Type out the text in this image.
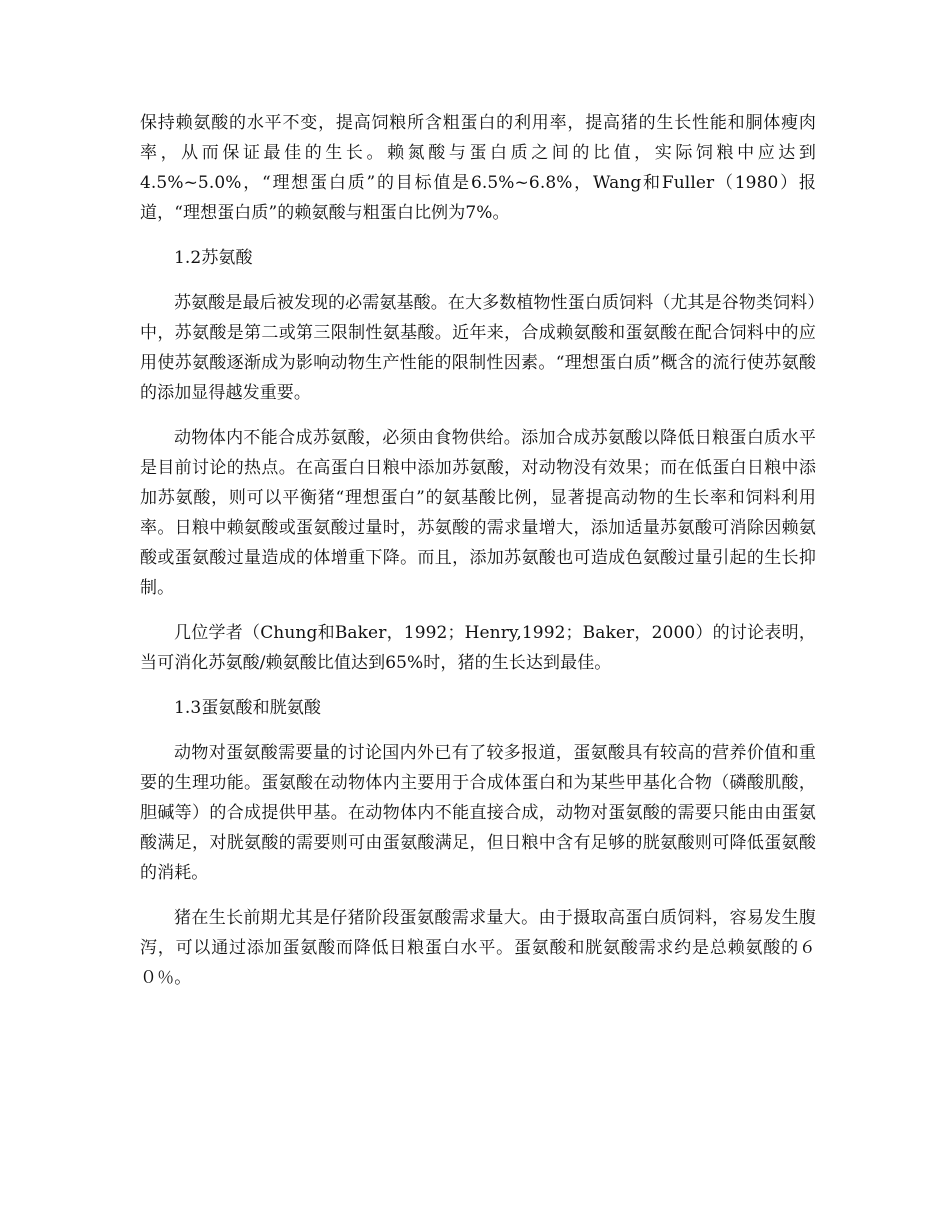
保持赖氨酸的水平不变，提高饲粮所含粗蛋白的利用率，提高猪的生长性能和胴体瘦肉率，从而保证最佳的生长。赖氮酸与蛋白质之间的比值，实际饲粮中应达到4.5%~5.0%，“理想蛋白质”的目标值是6.5%~6.8%，Wang和Fuller（1980）报道，“理想蛋白质”的赖氨酸与粗蛋白比例为7%。

1.2苏氨酸

苏氨酸是最后被发现的必需氨基酸。在大多数植物性蛋白质饲料（尤其是谷物类饲料）中，苏氨酸是第二或第三限制性氨基酸。近年来，合成赖氨酸和蛋氨酸在配合饲料中的应用使苏氨酸逐渐成为影响动物生产性能的限制性因素。“理想蛋白质”概含的流行使苏氨酸的添加显得越发重要。

动物体内不能合成苏氨酸，必须由食物供给。添加合成苏氨酸以降低日粮蛋白质水平是目前讨论的热点。在高蛋白日粮中添加苏氨酸，对动物没有效果；而在低蛋白日粮中添加苏氨酸，则可以平衡猪“理想蛋白”的氨基酸比例，显著提高动物的生长率和饲料利用率。日粮中赖氨酸或蛋氨酸过量时，苏氨酸的需求量增大，添加适量苏氨酸可消除因赖氨酸或蛋氨酸过量造成的体增重下降。而且，添加苏氨酸也可造成色氨酸过量引起的生长抑制。

几位学者（Chung和Baker，1992；Henry,1992；Baker，2000）的讨论表明，当可消化苏氨酸/赖氨酸比值达到65%时，猪的生长达到最佳。

1.3蛋氨酸和胱氨酸

动物对蛋氨酸需要量的讨论国内外已有了较多报道，蛋氨酸具有较高的营养价值和重要的生理功能。蛋氨酸在动物体内主要用于合成体蛋白和为某些甲基化合物（磷酸肌酸，胆碱等）的合成提供甲基。在动物体内不能直接合成，动物对蛋氨酸的需要只能由由蛋氨酸满足，对胱氨酸的需要则可由蛋氨酸满足，但日粮中含有足够的胱氨酸则可降低蛋氨酸的消耗。

猪在生长前期尤其是仔猪阶段蛋氨酸需求量大。由于摄取高蛋白质饲料，容易发生腹泻，可以通过添加蛋氨酸而降低日粮蛋白水平。蛋氨酸和胱氨酸需求约是总赖氨酸的６０％。
